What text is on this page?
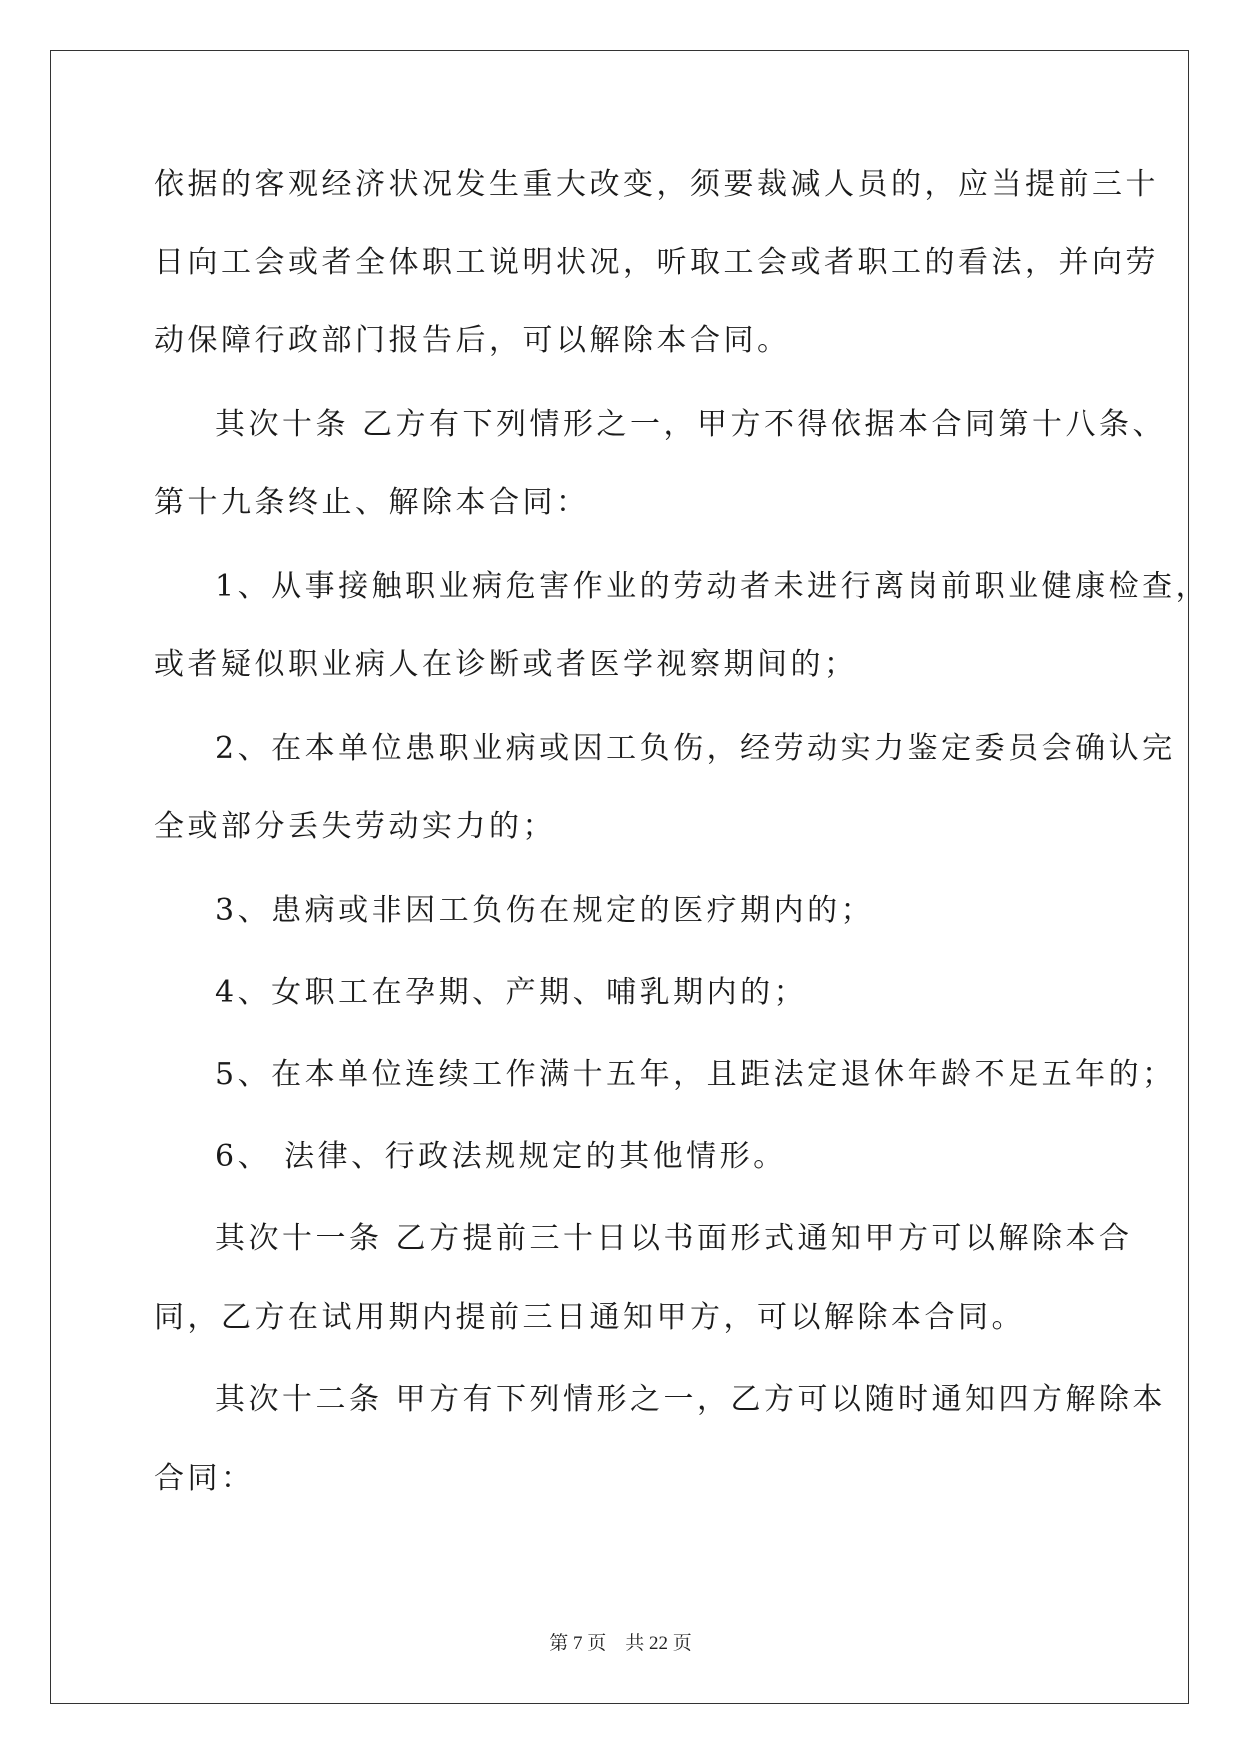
依据的客观经济状况发生重大改变，须要裁减人员的，应当提前三十
日向工会或者全体职工说明状况，听取工会或者职工的看法，并向劳
动保障行政部门报告后，可以解除本合同。
其次十条 乙方有下列情形之一，甲方不得依据本合同第十八条、
第十九条终止、解除本合同：
1、从事接触职业病危害作业的劳动者未进行离岗前职业健康检查，
或者疑似职业病人在诊断或者医学视察期间的；
2、在本单位患职业病或因工负伤，经劳动实力鉴定委员会确认完
全或部分丢失劳动实力的；
3、患病或非因工负伤在规定的医疗期内的；
4、女职工在孕期、产期、哺乳期内的；
5、在本单位连续工作满十五年，且距法定退休年龄不足五年的；
6、 法律、行政法规规定的其他情形。
其次十一条 乙方提前三十日以书面形式通知甲方可以解除本合
同，乙方在试用期内提前三日通知甲方，可以解除本合同。
其次十二条 甲方有下列情形之一，乙方可以随时通知四方解除本
合同：
第 7 页    共 22 页
